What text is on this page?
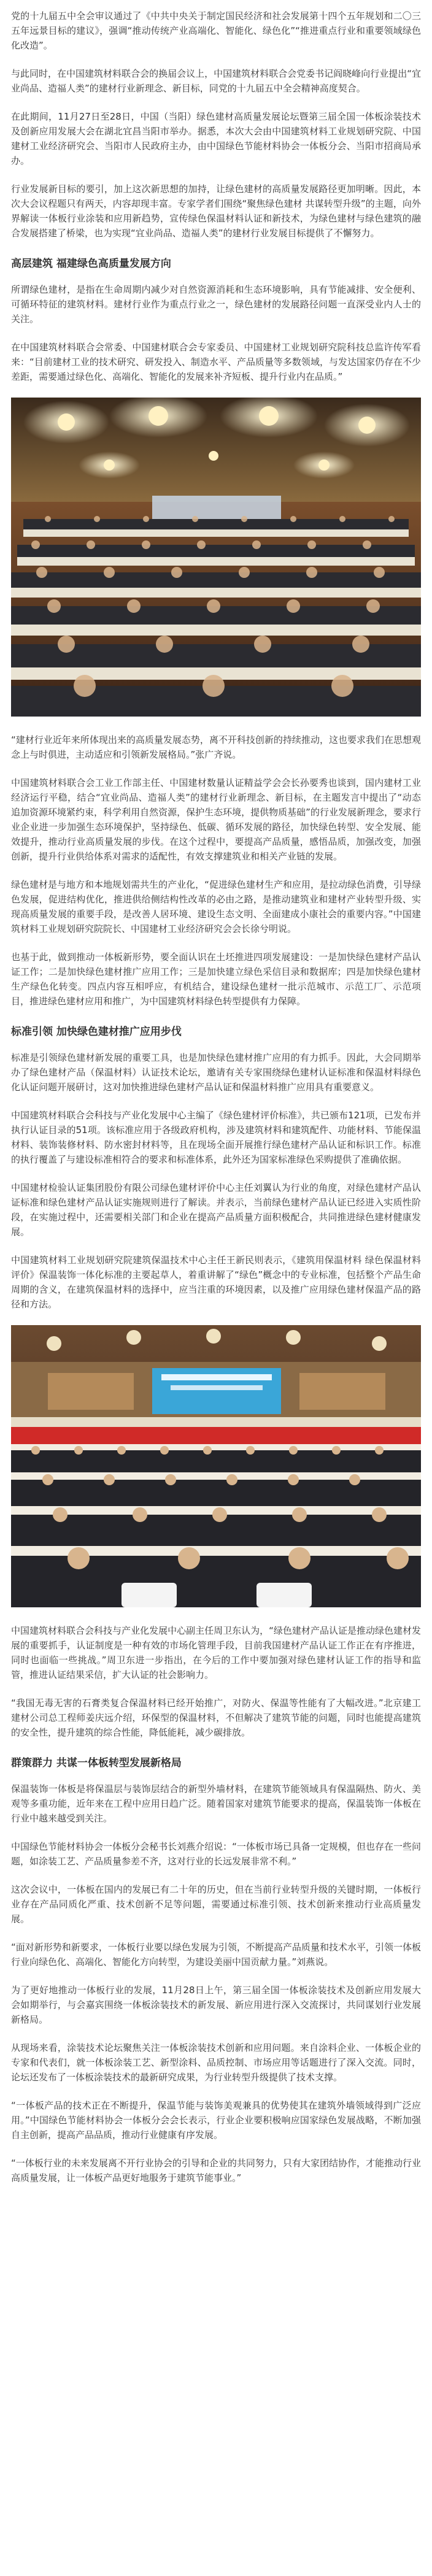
党的十九届五中全会审议通过了《中共中央关于制定国民经济和社会发展第十四个五年规划和二〇三五年远景目标的建议》，强调“推动传统产业高端化、智能化、绿色化”“推进重点行业和重要领域绿色化改造”。

与此同时，在中国建筑材料联合会的换届会议上，中国建筑材料联合会党委书记阎晓峰向行业提出“宜业尚品、造福人类”的建材行业新理念、新目标，同党的十九届五中全会精神高度契合。

在此期间，11月27日至28日，中国（当阳）绿色建材高质量发展论坛暨第三届全国一体板涂装技术及创新应用发展大会在湖北宜昌当阳市举办。据悉，本次大会由中国建筑材料工业规划研究院、中国建材工业经济研究会、当阳市人民政府主办，由中国绿色节能材料协会一体板分会、当阳市招商局承办。

行业发展新目标的要引，加上这次新思想的加持，让绿色建材的高质量发展路径更加明晰。因此，本次大会议程题只有两天，内容却现丰富。专家学者们围绕“聚焦绿色建材 共谋转型升级”的主题，向外界解读一体板行业涂装和应用新趋势，宣传绿色保温材料认证和新技术，为绿色建材与绿色建筑的融合发展搭建了桥梁，也为实现“宜业尚品、造福人类”的建材行业发展目标提供了不懈努力。

高层建筑 福建绿色高质量发展方向

所谓绿色建材，是指在生命周期内减少对自然资源消耗和生态环境影响，具有节能减排、安全便利、可循环特征的建筑材料。建材行业作为重点行业之一，绿色建材的发展路径问题一直深受业内人士的关注。

在中国建筑材料联合会常委、中国建材联合会专家委员、中国建材工业规划研究院科技总监许传军看来：“目前建材工业的技术研究、研发投入、制造水平、产品质量等多数领域，与发达国家仍存在不少差距，需要通过绿色化、高端化、智能化的发展来补齐短板、提升行业内在品质。”

“建材行业近年来所体现出来的高质量发展态势，离不开科技创新的持续推动，这也要求我们在思想观念上与时俱进，主动适应和引领新发展格局。”张广齐说。

中国建筑材料联合会工业工作部主任、中国建材数量认证精益学会会长孙要秀也谈到，国内建材工业经济运行平稳，结合“宜业尚品、造福人类”的建材行业新理念、新目标，在主题发言中提出了“动态追加资源环境紧约束，科学利用自然资源，保护生态环境，提供物质基础”的行业发展新理念，要求行业企业进一步加强生态环境保护，坚持绿色、低碳、循环发展的路径，加快绿色转型、安全发展、能效提升，推动行业高质量发展的步伐。在这个过程中，要提高产品质量，感悟品质，加强改变，加强创新，提升行业供给体系对需求的适配性，有效支撑建筑业和相关产业链的发展。

绿色建材是与地方和本地规划需共生的产业化，“促进绿色建材生产和应用，是拉动绿色消费，引导绿色发展，促进结构优化，推进供给侧结构性改革的必由之路，是推动建筑业和建材产业转型升级、实现高质量发展的重要手段，是改善人居环境、建设生态文明、全面建成小康社会的重要内容。”中国建筑材料工业规划研究院院长、中国建材工业经济研究会会长徐兮明说。

也基于此，做到推动一体板新形势，要全面认识在土坯推进四项发展建设：一是加快绿色建材产品认证工作；二是加快绿色建材推广应用工作；三是加快建立绿色采信目录和数据库；四是加快绿色建材生产绿色化转变。四点内容互相呼应，有机结合，建设绿色建材一批示范城市、示范工厂、示范项目，推进绿色建材应用和推广，为中国建筑材料绿色转型提供有力保障。

标准引领 加快绿色建材推广应用步伐

标准是引领绿色建材新发展的重要工具，也是加快绿色建材推广应用的有力抓手。因此，大会同期举办了绿色建材产品（保温材料）认证技术论坛，邀请有关专家围绕绿色建材认证标准和保温材料绿色化认证问题开展研讨，这对加快推进绿色建材产品认证和保温材料推广应用具有重要意义。

中国建筑材料联合会科技与产业化发展中心主编了《绿色建材评价标准》，共已颁布121项，已发布并执行认证目录的51项。该标准应用于各级政府机构，涉及建筑材料和建筑配件、功能材料、节能保温材料、装饰装修材料、防水密封材料等，且在现场全面开展推行绿色建材产品认证和标识工作。标准的执行覆盖了与建设标准相符合的要求和标准体系，此外还为国家标准绿色采购提供了准确依据。

中国建材检验认证集团股份有限公司绿色建材评价中心主任刘翼认为行业的角度，对绿色建材产品认证标准和绿色建材产品认证实施规则进行了解读。并表示，当前绿色建材产品认证已经进入实质性阶段，在实施过程中，还需要相关部门和企业在提高产品质量方面积极配合，共同推进绿色建材健康发展。

中国建筑材料工业规划研究院建筑保温技术中心主任王新民则表示，《建筑用保温材料 绿色保温材料评价》保温装饰一体化标准的主要起草人，着重讲解了“绿色”概念中的专业标准，包括整个产品生命周期的含义，在建筑保温材料的选择中，应当注重的环境因素，以及推广应用绿色建材保温产品的路径和方法。

中国建筑材料联合会科技与产业化发展中心副主任周卫东认为，“绿色建材产品认证是推动绿色建材发展的重要抓手，认证制度是一种有效的市场化管理手段，目前我国建材产品认证工作正在有序推进，同时也面临一些挑战。”周卫东进一步指出，在今后的工作中要加强对绿色建材认证工作的指导和监管，推进认证结果采信，扩大认证的社会影响力。

“我国无毒无害的石膏类复合保温材料已经开始推广，对防火、保温等性能有了大幅改进。”北京建工建材公司总工程师姜庆远介绍，环保型的保温材料，不但解决了建筑节能的问题，同时也能提高建筑的安全性，提升建筑的综合性能，降低能耗，减少碳排放。

群策群力 共谋一体板转型发展新格局

保温装饰一体板是将保温层与装饰层结合的新型外墙材料，在建筑节能领域具有保温隔热、防火、美观等多重功能，近年来在工程中应用日趋广泛。随着国家对建筑节能要求的提高，保温装饰一体板在行业中越来越受到关注。

中国绿色节能材料协会一体板分会秘书长刘燕介绍说：“一体板市场已具备一定规模，但也存在一些问题，如涂装工艺、产品质量参差不齐，这对行业的长远发展非常不利。”

这次会议中，一体板在国内的发展已有二十年的历史，但在当前行业转型升级的关键时期，一体板行业存在产品同质化严重、技术创新不足等问题，需要通过标准引领、技术创新来推动行业高质量发展。

“面对新形势和新要求，一体板行业要以绿色发展为引领，不断提高产品质量和技术水平，引领一体板行业向绿色化、高端化、智能化方向转型，为建设美丽中国贡献力量。”刘燕说。

为了更好地推动一体板行业的发展，11月28日上午，第三届全国一体板涂装技术及创新应用发展大会如期举行，与会嘉宾围绕一体板涂装技术的新发展、新应用进行深入交流探讨，共同谋划行业发展新格局。

从现场来看，涂装技术论坛聚焦关注一体板涂装技术创新和应用问题。来自涂料企业、一体板企业的专家和代表们，就一体板涂装工艺、新型涂料、品质控制、市场应用等话题进行了深入交流。同时，论坛还发布了一体板涂装技术的最新研究成果，为行业转型升级提供了技术支撑。

“一体板产品的技术正在不断提升，保温节能与装饰美观兼具的优势使其在建筑外墙领域得到广泛应用。”中国绿色节能材料协会一体板分会会长表示，行业企业要积极响应国家绿色发展战略，不断加强自主创新，提高产品品质，推动行业健康有序发展。

“一体板行业的未来发展离不开行业协会的引导和企业的共同努力，只有大家团结协作，才能推动行业高质量发展，让一体板产品更好地服务于建筑节能事业。”
